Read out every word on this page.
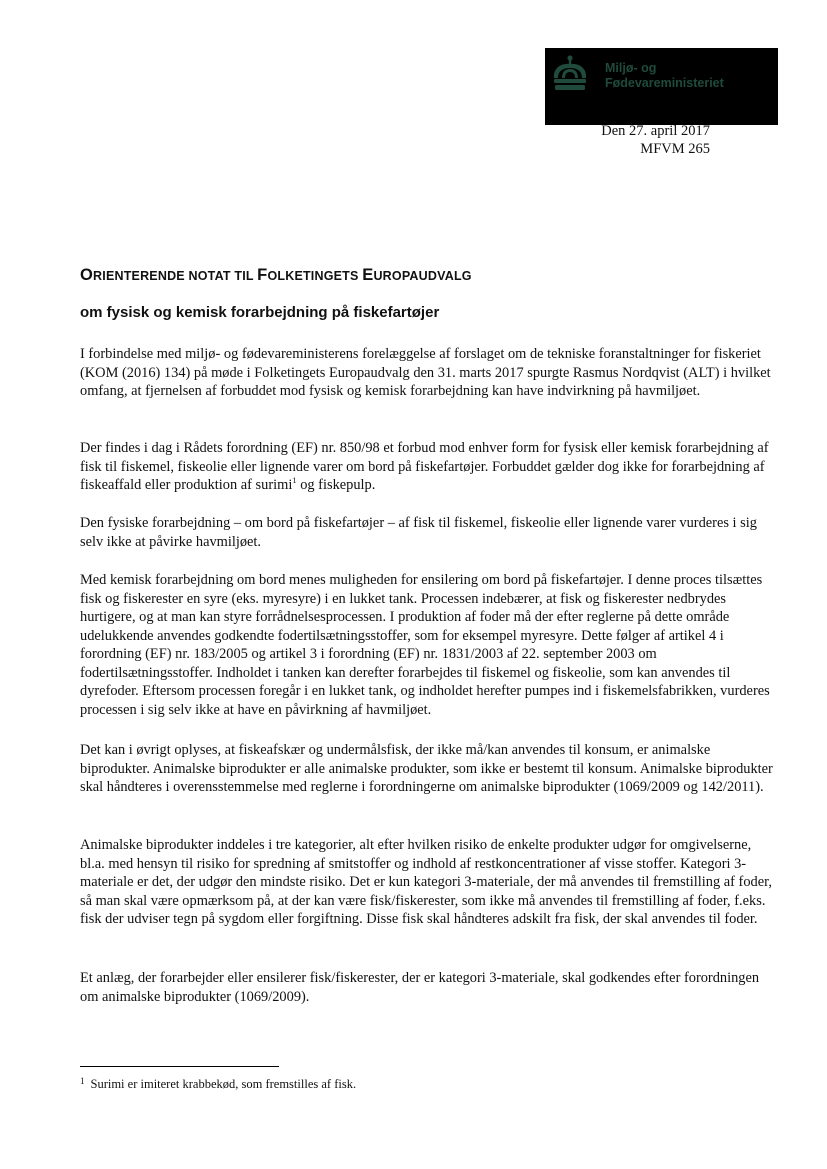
Miljø- og
Fødevareministeriet
Den 27. april 2017
MFVM 265
ORIENTERENDE NOTAT TIL FOLKETINGETS EUROPAUDVALG
om fysisk og kemisk forarbejdning på fiskefartøjer

I forbindelse med miljø- og fødevareministerens forelæggelse af forslaget om de tekniske foranstaltninger for fiskeriet (KOM (2016) 134) på møde i Folketingets Europaudvalg den 31. marts 2017 spurgte Rasmus Nordqvist (ALT) i hvilket omfang, at fjernelsen af forbuddet mod fysisk og kemisk forarbejdning kan have indvirkning på havmiljøet.

Der findes i dag i Rådets forordning (EF) nr. 850/98 et forbud mod enhver form for fysisk eller kemisk forarbejdning af fisk til fiskemel, fiskeolie eller lignende varer om bord på fiskefartøjer. Forbuddet gælder dog ikke for forarbejdning af fiskeaffald eller produktion af surimi$^1$ og fiskepulp.

Den fysiske forarbejdning – om bord på fiskefartøjer – af fisk til fiskemel, fiskeolie eller lignende varer vurderes i sig selv ikke at påvirke havmiljøet.

Med kemisk forarbejdning om bord menes muligheden for ensilering om bord på fiskefartøjer. I denne proces tilsættes fisk og fiskerester en syre (eks. myresyre) i en lukket tank. Processen indebærer, at fisk og fiskerester nedbrydes hurtigere, og at man kan styre forrådnelsesprocessen. I produktion af foder må der efter reglerne på dette område udelukkende anvendes godkendte fodertilsætningsstoffer, som for eksempel myresyre. Dette følger af artikel 4 i forordning (EF) nr. 183/2005 og artikel 3 i forordning (EF) nr. 1831/2003 af 22. september 2003 om fodertilsætningsstoffer. Indholdet i tanken kan derefter forarbejdes til fiskemel og fiskeolie, som kan anvendes til dyrefoder. Eftersom processen foregår i en lukket tank, og indholdet herefter pumpes ind i fiskemelsfabrikken, vurderes processen i sig selv ikke at have en påvirkning af havmiljøet.

Det kan i øvrigt oplyses, at fiskeafskær og undermålsfisk, der ikke må/kan anvendes til konsum, er animalske biprodukter. Animalske biprodukter er alle animalske produkter, som ikke er bestemt til konsum. Animalske biprodukter skal håndteres i overensstemmelse med reglerne i forordningerne om animalske biprodukter (1069/2009 og 142/2011).

Animalske biprodukter inddeles i tre kategorier, alt efter hvilken risiko de enkelte produkter udgør for omgivelserne, bl.a. med hensyn til risiko for spredning af smitstoffer og indhold af restkoncentrationer af visse stoffer. Kategori 3-materiale er det, der udgør den mindste risiko. Det er kun kategori 3-materiale, der må anvendes til fremstilling af foder, så man skal være opmærksom på, at der kan være fisk/fiskerester, som ikke må anvendes til fremstilling af foder, f.eks. fisk der udviser tegn på sygdom eller forgiftning. Disse fisk skal håndteres adskilt fra fisk, der skal anvendes til foder.

Et anlæg, der forarbejder eller ensilerer fisk/fiskerester, der er kategori 3-materiale, skal godkendes efter forordningen om animalske biprodukter (1069/2009).

$^1$ Surimi er imiteret krabbekød, som fremstilles af fisk.
